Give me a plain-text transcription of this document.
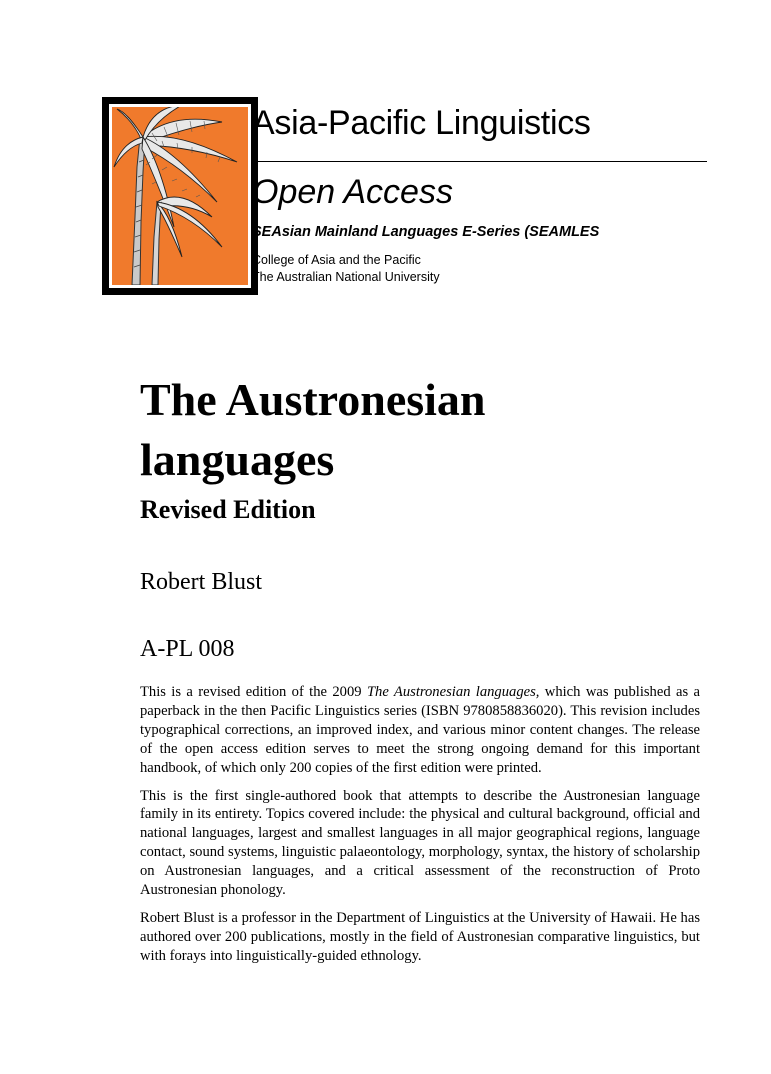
Asia-Pacific Linguistics
Open Access
SEAsian Mainland Languages E-Series (SEAMLES
College of Asia and the Pacific
The Australian National University
The Austronesian
languages
Revised Edition
Robert Blust
A-PL 008

This is a revised edition of the 2009 The Austronesian languages, which was published as a paperback in the then Pacific Linguistics series (ISBN 9780858836020). This revision includes typographical corrections, an improved index, and various minor content changes. The release of the open access edition serves to meet the strong ongoing demand for this important handbook, of which only 200 copies of the first edition were printed.

This is the first single-authored book that attempts to describe the Austronesian language family in its entirety. Topics covered include: the physical and cultural background, official and national languages, largest and smallest languages in all major geographical regions, language contact, sound systems, linguistic palaeontology, morphology, syntax, the history of scholarship on Austronesian languages, and a critical assessment of the reconstruction of Proto Austronesian phonology.

Robert Blust is a professor in the Department of Linguistics at the University of Hawaii. He has authored over 200 publications, mostly in the field of Austronesian comparative linguistics, but with forays into linguistically-guided ethnology.
